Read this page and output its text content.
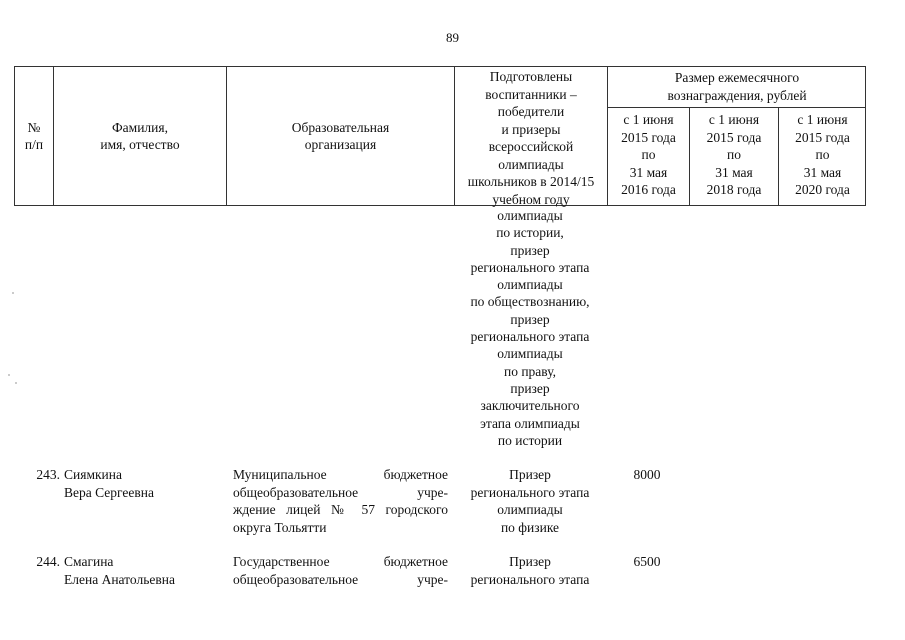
89
№
п/п
Фамилия,
имя, отчество
Образовательная
организация
Подготовлены
воспитанники –
победители
и призеры
всероссийской
олимпиады
школьников в 2014/15
учебном году
Размер ежемесячного
вознаграждения, рублей
с 1 июня
2015 года
по
31 мая
2016 года
с 1 июня
2015 года
по
31 мая
2018 года
с 1 июня
2015 года
по
31 мая
2020 года
олимпиады
по истории,
призер
регионального этапа
олимпиады
по обществознанию,
призер
регионального этапа
олимпиады
по праву,
призер
заключительного
этапа олимпиады
по истории
243. Сиямкина
Вера Сергеевна
Муниципальное бюджетное
общеобразовательное учре-
ждение лицей № 57 городского
округа Тольятти
Призер
регионального этапа
олимпиады
по физике
8000
244. Смагина
Елена Анатольевна
Государственное бюджетное
общеобразовательное учре-
Призер
регионального этапа
6500
